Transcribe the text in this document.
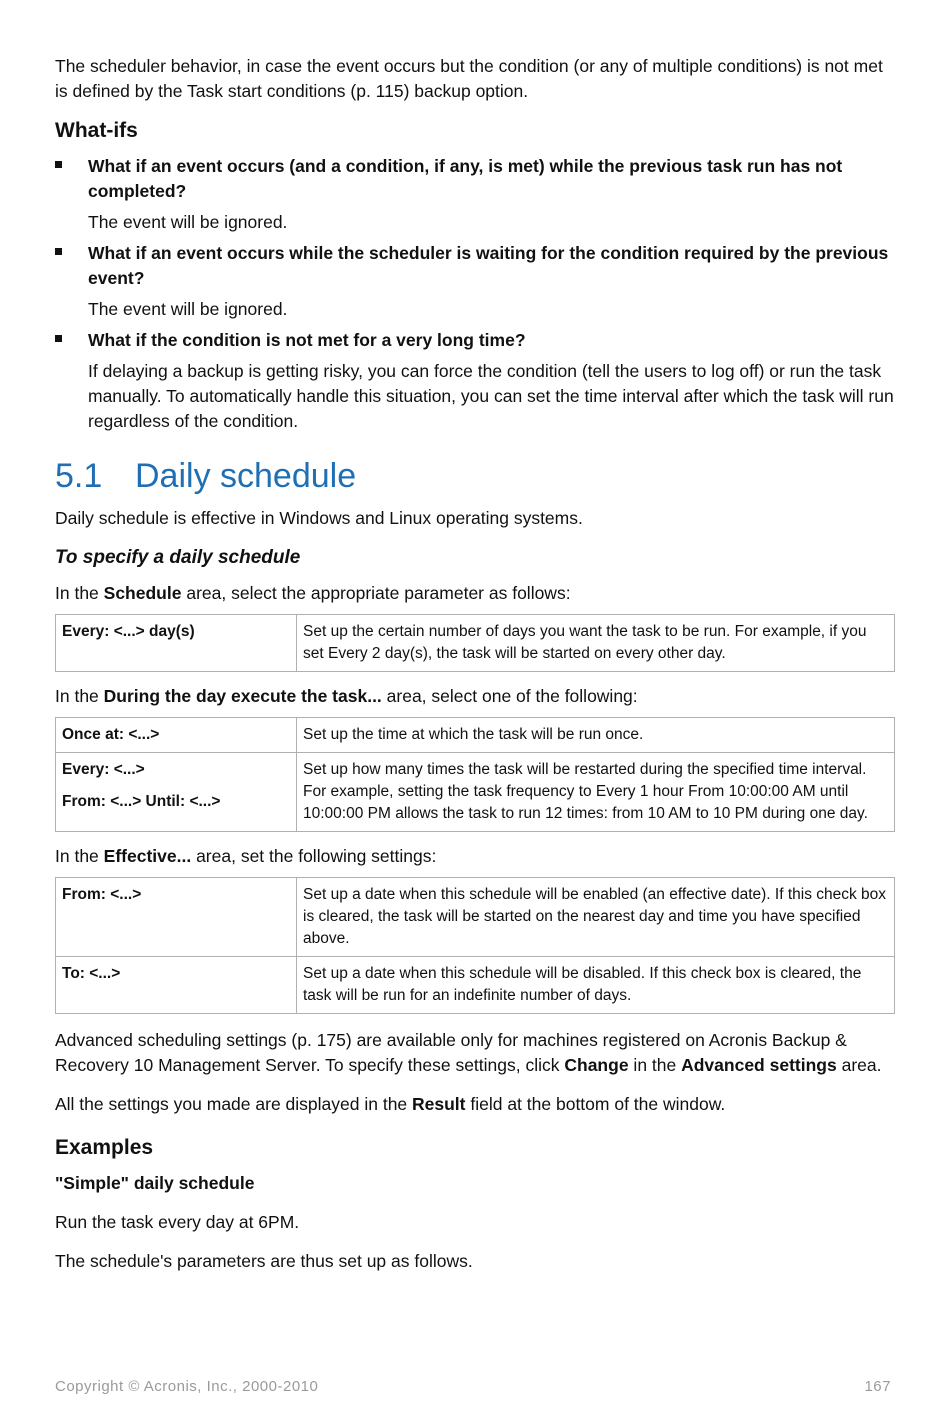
The scheduler behavior, in case the event occurs but the condition (or any of multiple conditions) is not met is defined by the Task start conditions (p. 115) backup option.

What-ifs
What if an event occurs (and a condition, if any, is met) while the previous task run has not completed?
The event will be ignored.
What if an event occurs while the scheduler is waiting for the condition required by the previous event?
The event will be ignored.
What if the condition is not met for a very long time?
If delaying a backup is getting risky, you can force the condition (tell the users to log off) or run the task manually. To automatically handle this situation, you can set the time interval after which the task will run regardless of the condition.
5.1 Daily schedule

Daily schedule is effective in Windows and Linux operating systems.

To specify a daily schedule

In the Schedule area, select the appropriate parameter as follows:

Every: <...> day(s)	Set up the certain number of days you want the task to be run. For example, if you set Every 2 day(s), the task will be started on every other day.

In the During the day execute the task... area, select one of the following:

Once at: <...>	Set up the time at which the task will be run once.
Every: <...>
From: <...> Until: <...>	Set up how many times the task will be restarted during the specified time interval. For example, setting the task frequency to Every 1 hour From 10:00:00 AM until 10:00:00 PM allows the task to run 12 times: from 10 AM to 10 PM during one day.

In the Effective... area, set the following settings:

From: <...>	Set up a date when this schedule will be enabled (an effective date). If this check box is cleared, the task will be started on the nearest day and time you have specified above.
To: <...>	Set up a date when this schedule will be disabled. If this check box is cleared, the task will be run for an indefinite number of days.

Advanced scheduling settings (p. 175) are available only for machines registered on Acronis Backup & Recovery 10 Management Server. To specify these settings, click Change in the Advanced settings area.

All the settings you made are displayed in the Result field at the bottom of the window.

Examples

"Simple" daily schedule

Run the task every day at 6PM.

The schedule's parameters are thus set up as follows.

Copyright © Acronis, Inc., 2000-2010	167
